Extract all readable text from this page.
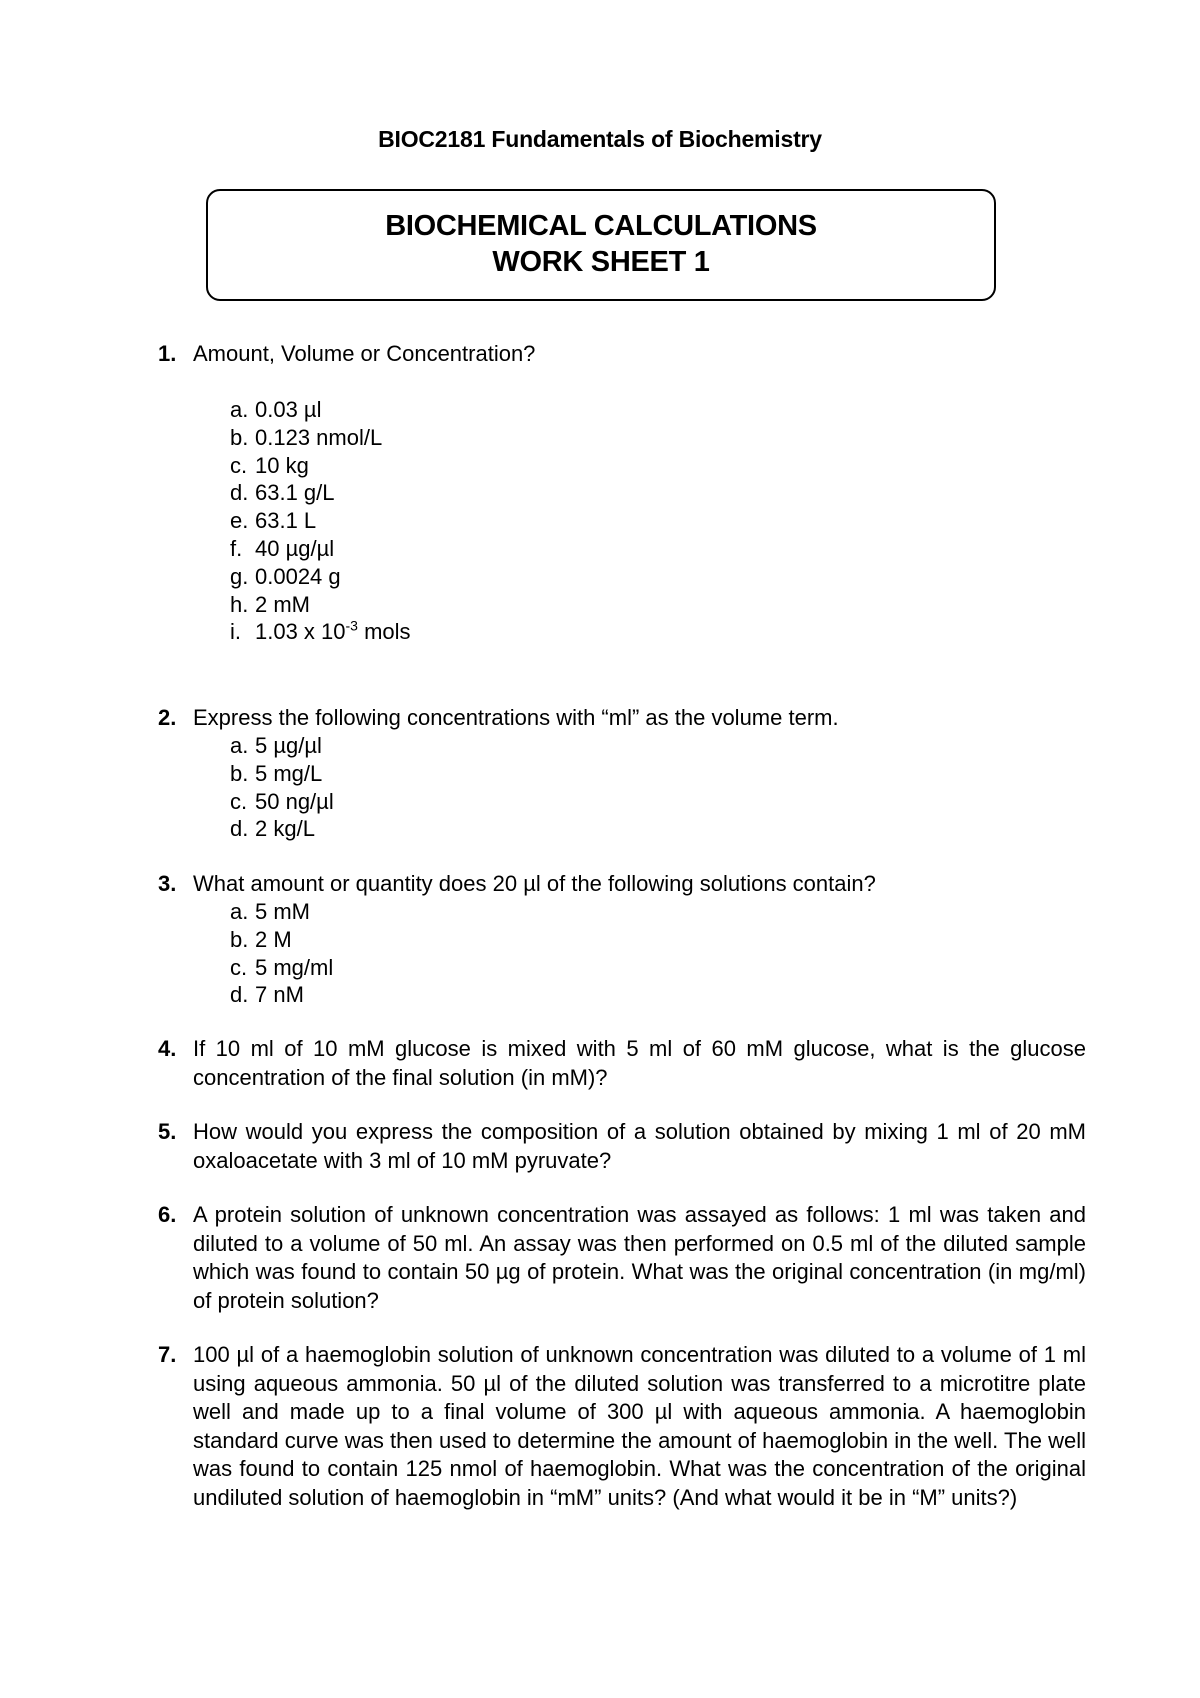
BIOC2181 Fundamentals of Biochemistry
BIOCHEMICAL CALCULATIONS
WORK SHEET 1
1. Amount, Volume or Concentration?
a. 0.03 µl
b. 0.123 nmol/L
c. 10 kg
d. 63.1 g/L
e. 63.1 L
f. 40 µg/µl
g. 0.0024 g
h. 2 mM
i. 1.03 x $10^{-3}$ mols
2. Express the following concentrations with “ml” as the volume term.
a. 5 µg/µl
b. 5 mg/L
c. 50 ng/µl
d. 2 kg/L
3. What amount or quantity does 20 µl of the following solutions contain?
a. 5 mM
b. 2 M
c. 5 mg/ml
d. 7 nM
4. If 10 ml of 10 mM glucose is mixed with 5 ml of 60 mM glucose, what is the glucose concentration of the final solution (in mM)?
5. How would you express the composition of a solution obtained by mixing 1 ml of 20 mM oxaloacetate with 3 ml of 10 mM pyruvate?
6. A protein solution of unknown concentration was assayed as follows: 1 ml was taken and diluted to a volume of 50 ml. An assay was then performed on 0.5 ml of the diluted sample which was found to contain 50 µg of protein. What was the original concentration (in mg/ml) of protein solution?
7. 100 µl of a haemoglobin solution of unknown concentration was diluted to a volume of 1 ml using aqueous ammonia. 50 µl of the diluted solution was transferred to a microtitre plate well and made up to a final volume of 300 µl with aqueous ammonia. A haemoglobin standard curve was then used to determine the amount of haemoglobin in the well. The well was found to contain 125 nmol of haemoglobin. What was the concentration of the original undiluted solution of haemoglobin in “mM” units? (And what would it be in “M” units?)
